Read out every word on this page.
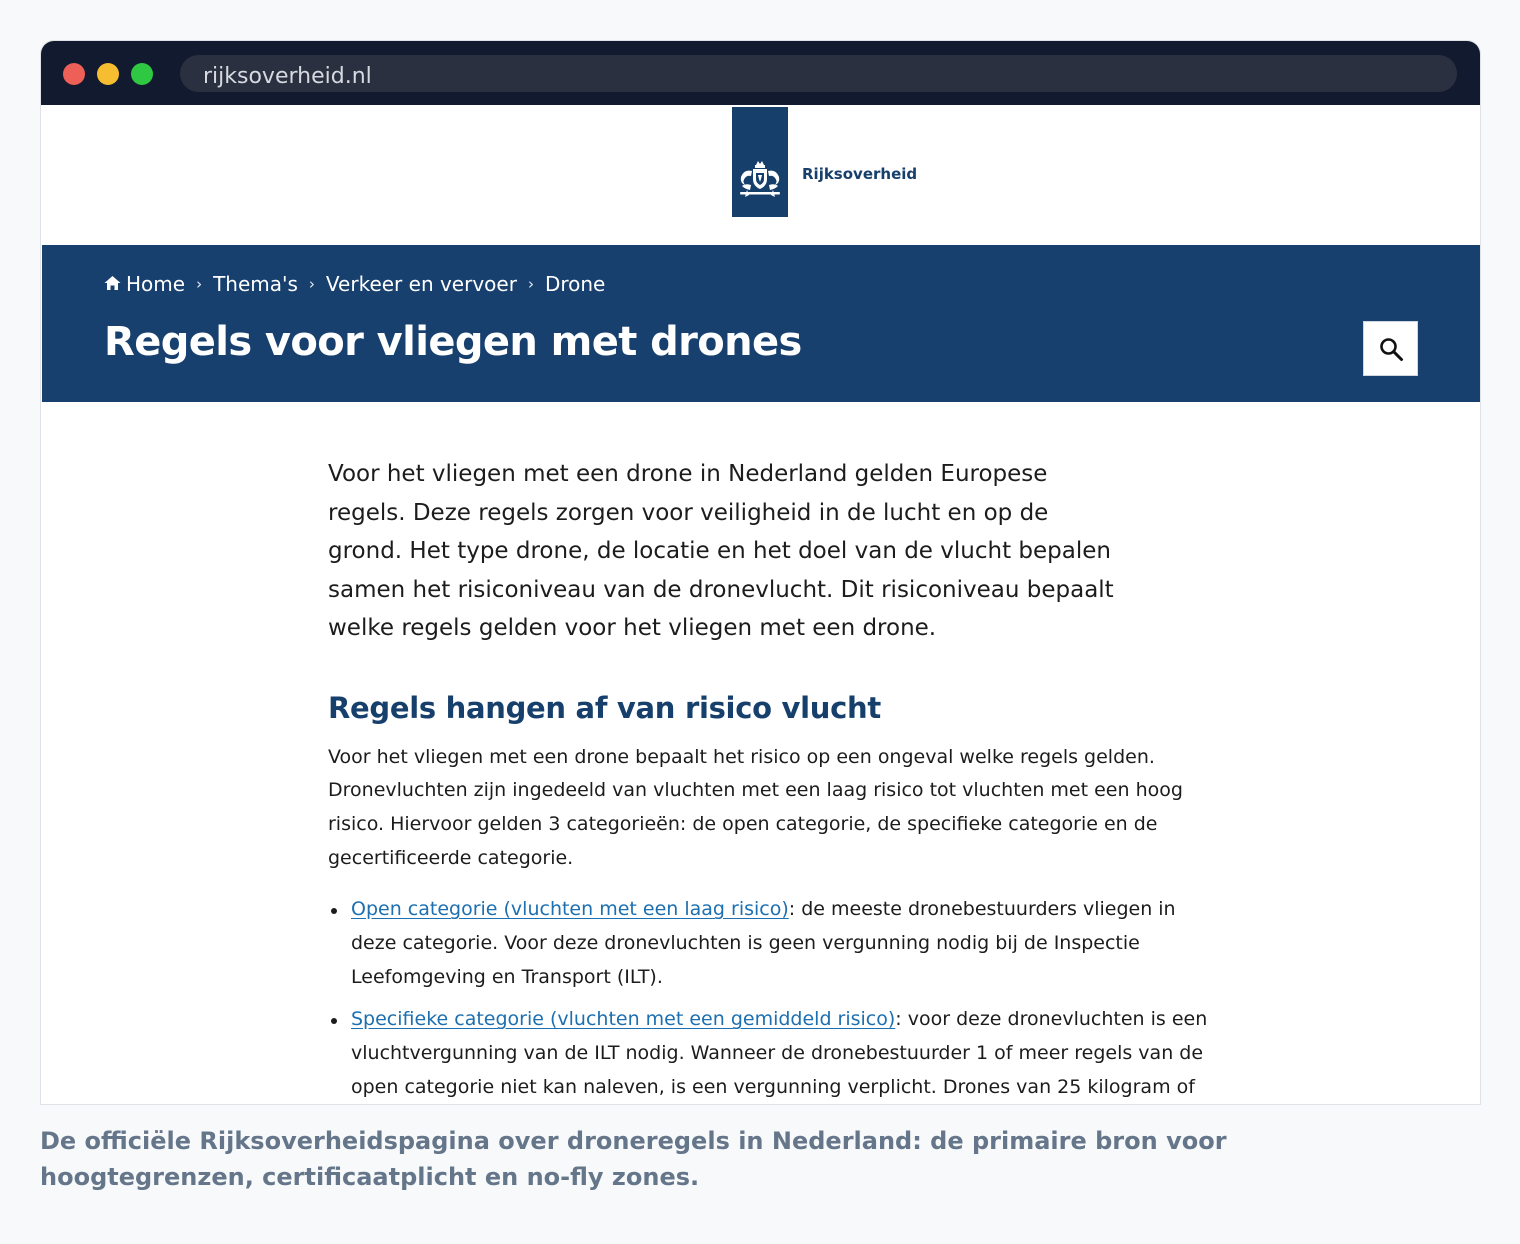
rijksoverheid.nl
Rijksoverheid
Home › Thema's › Verkeer en vervoer › Drone
Regels voor vliegen met drones

Voor het vliegen met een drone in Nederland gelden Europese regels. Deze regels zorgen voor veiligheid in de lucht en op de grond. Het type drone, de locatie en het doel van de vlucht bepalen samen het risiconiveau van de dronevlucht. Dit risiconiveau bepaalt welke regels gelden voor het vliegen met een drone.

Regels hangen af van risico vlucht

Voor het vliegen met een drone bepaalt het risico op een ongeval welke regels gelden. Dronevluchten zijn ingedeeld van vluchten met een laag risico tot vluchten met een hoog risico. Hiervoor gelden 3 categorieën: de open categorie, de specifieke categorie en de gecertificeerde categorie.

Open categorie (vluchten met een laag risico): de meeste dronebestuurders vliegen in deze categorie. Voor deze dronevluchten is geen vergunning nodig bij de Inspectie Leefomgeving en Transport (ILT).
Specifieke categorie (vluchten met een gemiddeld risico): voor deze dronevluchten is een vluchtvergunning van de ILT nodig. Wanneer de dronebestuurder 1 of meer regels van de open categorie niet kan naleven, is een vergunning verplicht. Drones van 25 kilogram of

De officiële Rijksoverheidspagina over droneregels in Nederland: de primaire bron voor hoogtegrenzen, certificaatplicht en no-fly zones.
